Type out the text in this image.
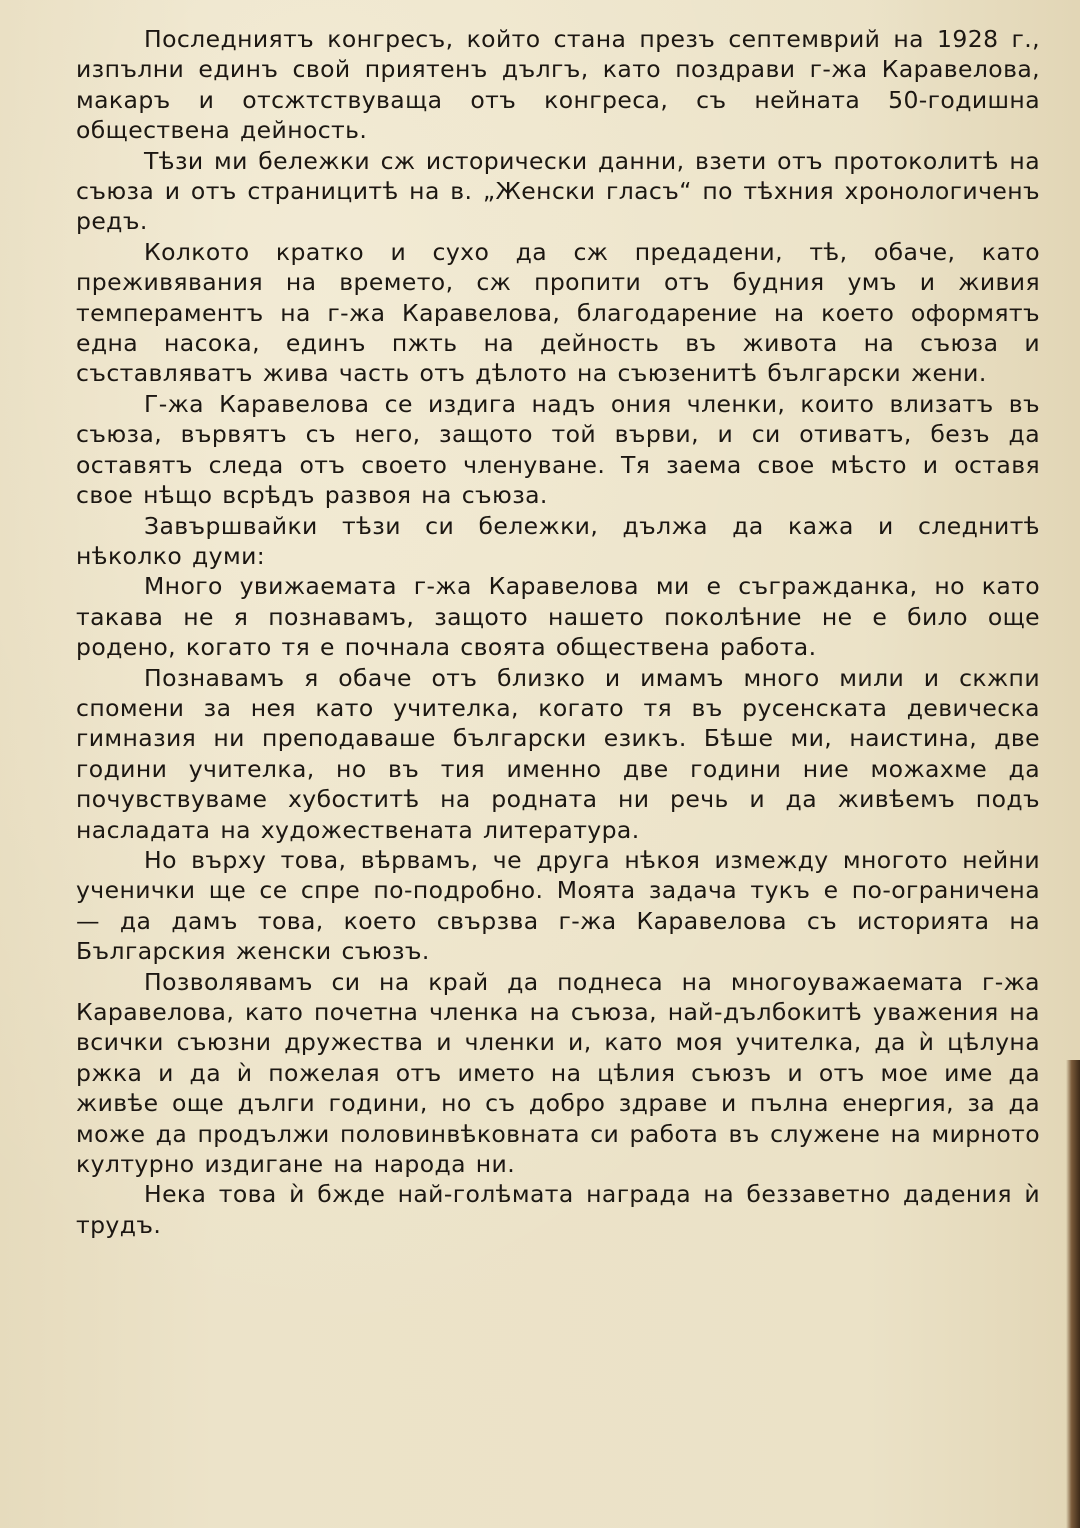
Последниятъ конгресъ, който стана презъ септемврий на 1928 г., изпълни единъ свой приятенъ дългъ, като поздрави г-жа Каравелова, макаръ и отсжтствуваща отъ конгреса, съ нейната 50-годишна обществена дейность.

Тѣзи ми бележки сж исторически данни, взети отъ протоколитѣ на съюза и отъ страницитѣ на в. „Женски гласъ“ по тѣхния хронологиченъ редъ.

Колкото кратко и сухо да сж предадени, тѣ, обаче, като преживявания на времето, сж пропити отъ будния умъ и живия темпераментъ на г-жа Каравелова, благодарение на което оформятъ една насока, единъ пжть на дейность въ живота на съюза и съставляватъ жива часть отъ дѣлото на съюзенитѣ български жени.

Г-жа Каравелова се издига надъ ония членки, които влизатъ въ съюза, вървятъ съ него, защото той върви, и си отиватъ, безъ да оставятъ следа отъ своето членуване. Тя заема свое мѣсто и оставя свое нѣщо всрѣдъ развоя на съюза.

Завършвайки тѣзи си бележки, дължа да кажа и следнитѣ нѣколко думи:

Много увижаемата г-жа Каравелова ми е съгражданка, но като такава не я познавамъ, защото нашето поколѣние не е било още родено, когато тя е почнала своята обществена работа.

Познавамъ я обаче отъ близко и имамъ много мили и скжпи спомени за нея като учителка, когато тя въ русенската девическа гимназия ни преподаваше български езикъ. Бѣше ми, наистина, две години учителка, но въ тия именно две години ние можахме да почувствуваме хубоститѣ на родната ни речь и да живѣемъ подъ насладата на художествената литература.

Но върху това, вѣрвамъ, че друга нѣкоя измежду многото нейни ученички ще се спре по-подробно. Моята задача тукъ е по-ограничена — да дамъ това, което свързва г-жа Каравелова съ историята на Българския женски съюзъ.

Позволявамъ си на край да поднеса на многоуважаемата г-жа Каравелова, като почетна членка на съюза, най-дълбокитѣ уважения на всички съюзни дружества и членки и, като моя учителка, да ѝ цѣлуна ржка и да ѝ пожелая отъ името на цѣлия съюзъ и отъ мое име да живѣе още дълги години, но съ добро здраве и пълна енергия, за да може да продължи половинвѣковната си работа въ служене на мирното културно издигане на народа ни.

Нека това ѝ бжде най-голѣмата награда на беззаветно дадения ѝ трудъ.
